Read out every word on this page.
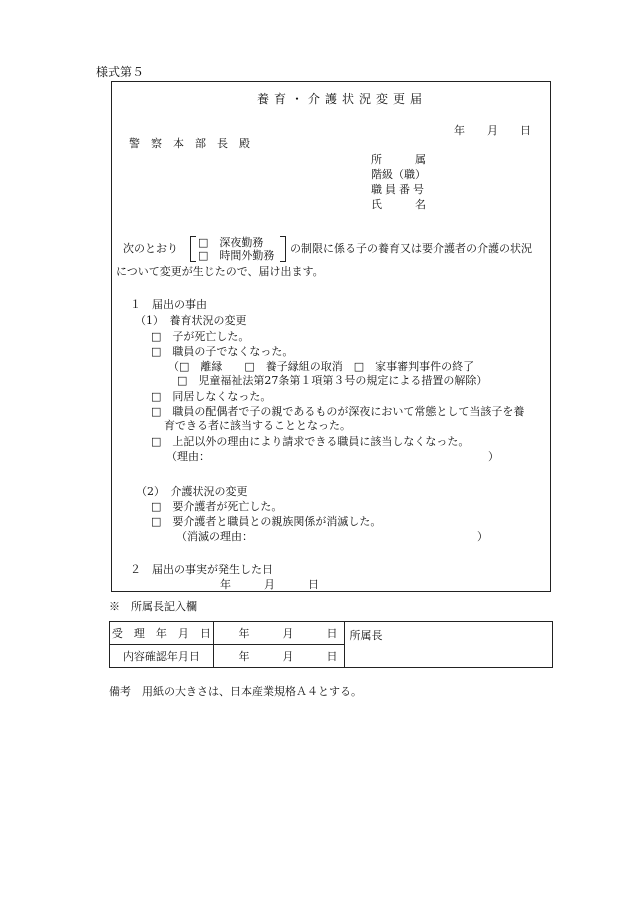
様式第５
養育・介護状況変更届
年　　月　　日
警　察　本　部　長　殿
所　　　属
階級（職）
職員番号
氏　　　名
次のとおり □　深夜勤務
□　時間外勤務
の制限に係る子の養育又は要介護者の介護の状況
について変更が生じたので、届け出ます。
１　届出の事由
（1）　養育状況の変更
□　子が死亡した。
□　職員の子でなくなった。
（□　離縁　　□　養子縁組の取消　□　家事審判事件の終了
□　児童福祉法第27条第１項第３号の規定による措置の解除）
□　同居しなくなった。
□　職員の配偶者で子の親であるものが深夜において常態として当該子を養
育できる者に該当することとなった。
□　上記以外の理由により請求できる職員に該当しなくなった。
（理由：	）
（2）　介護状況の変更
□　要介護者が死亡した。
□　要介護者と職員との親族関係が消滅した。
（消滅の理由：	）
２　届出の事実が発生した日
年　　　月　　　日
※　所属長記入欄
受　理　年　月　日	年　　　月　　　日	所属長
内容確認年月日	年　　　月　　　日	
備考　用紙の大きさは、日本産業規格Ａ４とする。
